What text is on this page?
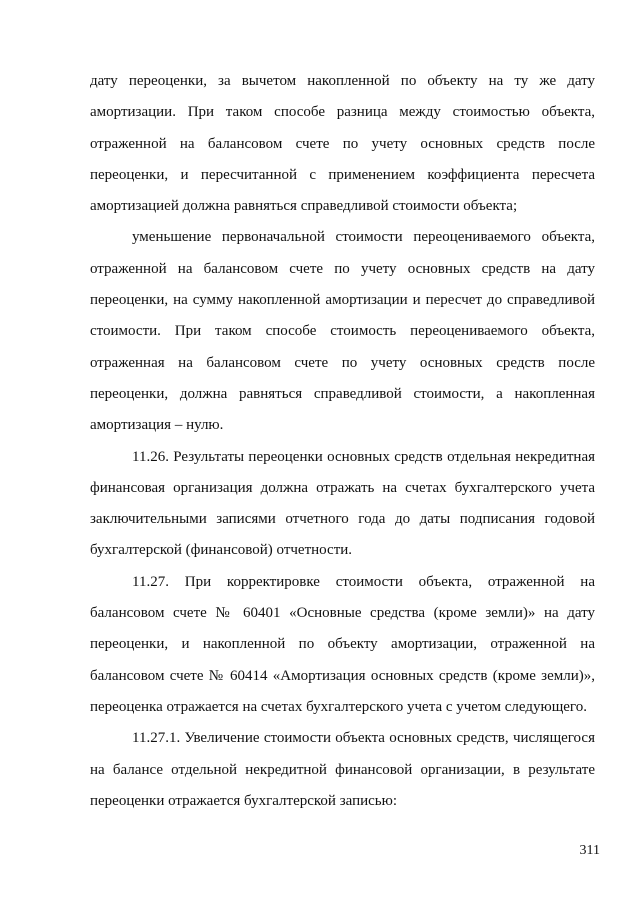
дату переоценки, за вычетом накопленной по объекту на ту же дату амортизации. При таком способе разница между стоимостью объекта, отраженной на балансовом счете по учету основных средств после переоценки, и пересчитанной с применением коэффициента пересчета амортизацией должна равняться справедливой стоимости объекта;

уменьшение первоначальной стоимости переоцениваемого объекта, отраженной на балансовом счете по учету основных средств на дату переоценки, на сумму накопленной амортизации и пересчет до справедливой стоимости. При таком способе стоимость переоцениваемого объекта, отраженная на балансовом счете по учету основных средств после переоценки, должна равняться справедливой стоимости, а накопленная амортизация – нулю.

11.26. Результаты переоценки основных средств отдельная некредитная финансовая организация должна отражать на счетах бухгалтерского учета заключительными записями отчетного года до даты подписания годовой бухгалтерской (финансовой) отчетности.

11.27. При корректировке стоимости объекта, отраженной на балансовом счете № 60401 «Основные средства (кроме земли)» на дату переоценки, и накопленной по объекту амортизации, отраженной на балансовом счете № 60414 «Амортизация основных средств (кроме земли)», переоценка отражается на счетах бухгалтерского учета с учетом следующего.

11.27.1. Увеличение стоимости объекта основных средств, числящегося на балансе отдельной некредитной финансовой организации, в результате переоценки отражается бухгалтерской записью:

311
